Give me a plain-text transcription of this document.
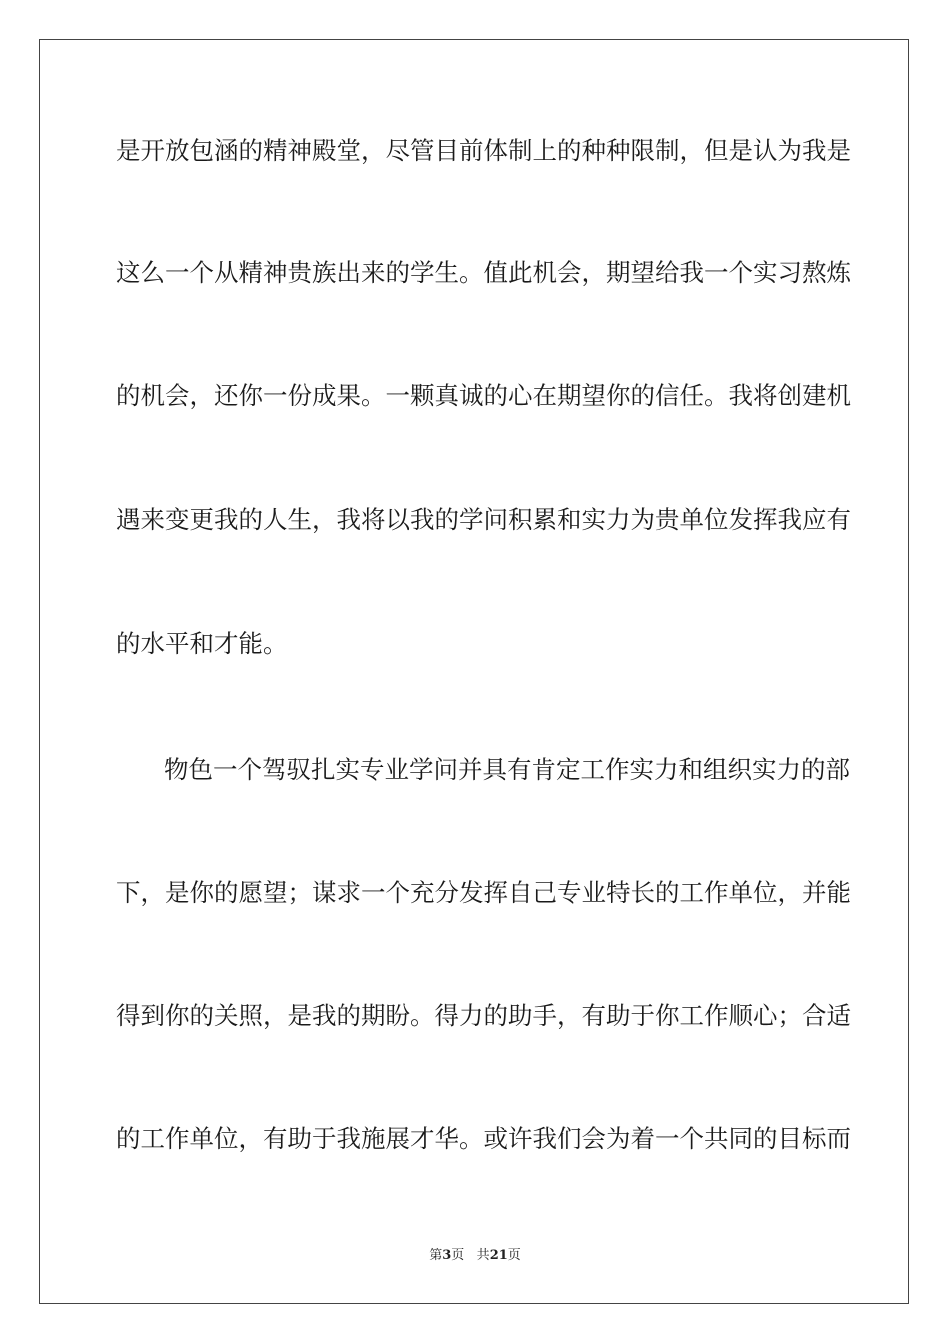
是开放包涵的精神殿堂，尽管目前体制上的种种限制，但是认为我是
这么一个从精神贵族出来的学生。值此机会，期望给我一个实习熬炼
的机会，还你一份成果。一颗真诚的心在期望你的信任。我将创建机
遇来变更我的人生，我将以我的学问积累和实力为贵单位发挥我应有
的水平和才能。
物色一个驾驭扎实专业学问并具有肯定工作实力和组织实力的部
下，是你的愿望；谋求一个充分发挥自己专业特长的工作单位，并能
得到你的关照，是我的期盼。得力的助手，有助于你工作顺心；合适
的工作单位，有助于我施展才华。或许我们会为着一个共同的目标而
第3页 共21页
